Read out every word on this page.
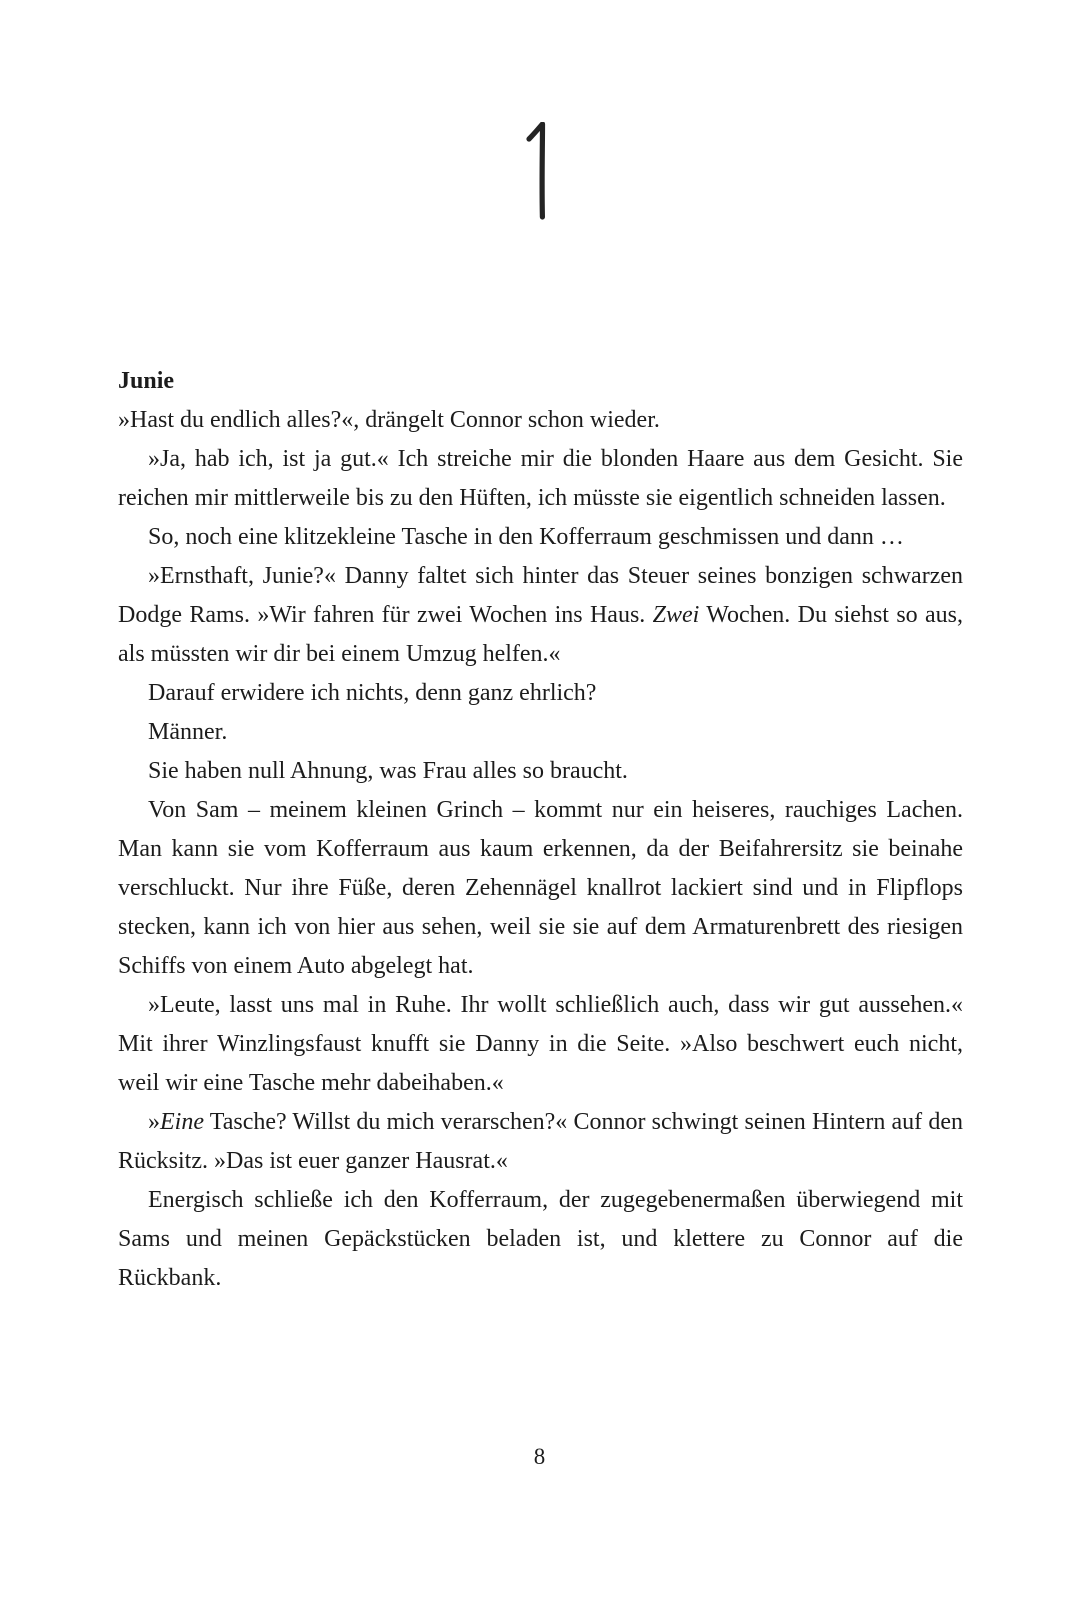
Junie

»Hast du endlich alles?«, drängelt Connor schon wieder.

»Ja, hab ich, ist ja gut.« Ich streiche mir die blonden Haare aus dem Gesicht. Sie reichen mir mittlerweile bis zu den Hüften, ich müsste sie eigentlich schneiden lassen.

So, noch eine klitzekleine Tasche in den Kofferraum geschmissen und dann …

»Ernsthaft, Junie?« Danny faltet sich hinter das Steuer seines bonzigen schwarzen Dodge Rams. »Wir fahren für zwei Wochen ins Haus. Zwei Wochen. Du siehst so aus, als müssten wir dir bei einem Umzug helfen.«

Darauf erwidere ich nichts, denn ganz ehrlich?

Männer.

Sie haben null Ahnung, was Frau alles so braucht.

Von Sam – meinem kleinen Grinch – kommt nur ein heiseres, rauchiges Lachen. Man kann sie vom Kofferraum aus kaum erkennen, da der Beifahrersitz sie beinahe verschluckt. Nur ihre Füße, deren Zehennägel knallrot lackiert sind und in Flipflops stecken, kann ich von hier aus sehen, weil sie sie auf dem Armaturenbrett des riesigen Schiffs von einem Auto abgelegt hat.

»Leute, lasst uns mal in Ruhe. Ihr wollt schließlich auch, dass wir gut aussehen.« Mit ihrer Winzlingsfaust knufft sie Danny in die Seite. »Also beschwert euch nicht, weil wir eine Tasche mehr dabeihaben.«

»Eine Tasche? Willst du mich verarschen?« Connor schwingt seinen Hintern auf den Rücksitz. »Das ist euer ganzer Hausrat.«

Energisch schließe ich den Kofferraum, der zugegebenermaßen überwiegend mit Sams und meinen Gepäckstücken beladen ist, und klettere zu Connor auf die Rückbank.

8
